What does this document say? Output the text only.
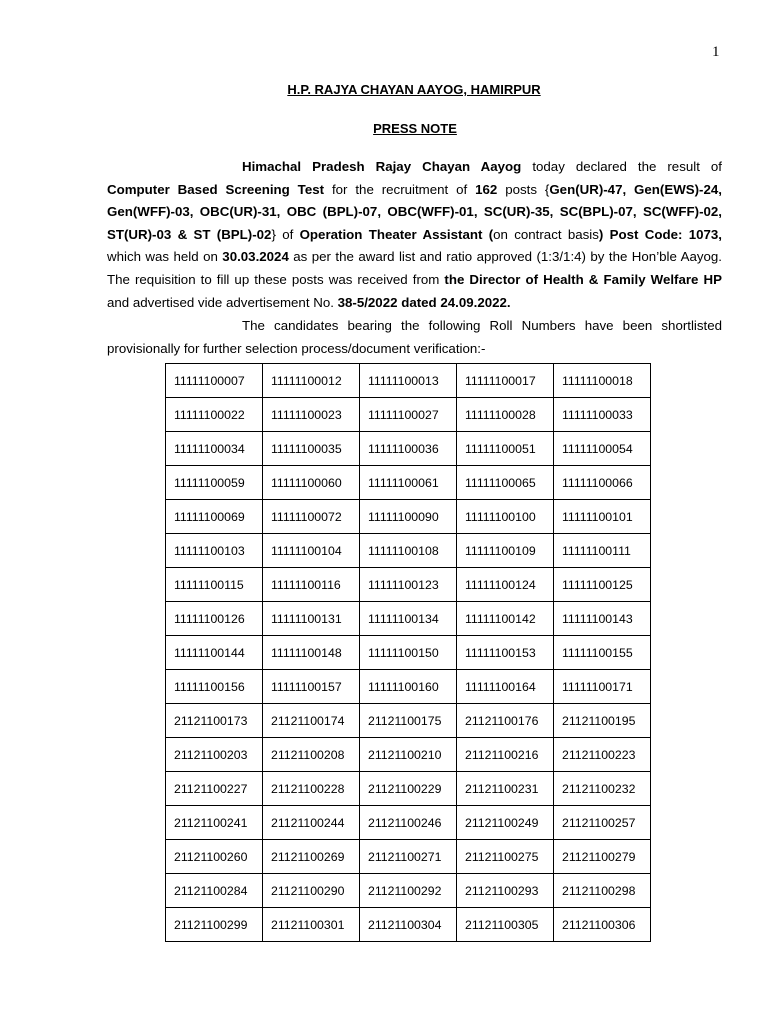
1
H.P. RAJYA CHAYAN AAYOG, HAMIRPUR
PRESS NOTE
Himachal Pradesh Rajay Chayan Aayog today declared the result of Computer Based Screening Test for the recruitment of 162 posts {Gen(UR)-47, Gen(EWS)-24, Gen(WFF)-03, OBC(UR)-31, OBC (BPL)-07, OBC(WFF)-01, SC(UR)-35, SC(BPL)-07, SC(WFF)-02, ST(UR)-03 & ST (BPL)-02} of Operation Theater Assistant (on contract basis) Post Code: 1073, which was held on 30.03.2024 as per the award list and ratio approved (1:3/1:4) by the Hon’ble Aayog. The requisition to fill up these posts was received from the Director of Health & Family Welfare HP and advertised vide advertisement No. 38-5/2022 dated 24.09.2022.
The candidates bearing the following Roll Numbers have been shortlisted provisionally for further selection process/document verification:-
11111100007	11111100012	11111100013	11111100017	11111100018
11111100022	11111100023	11111100027	11111100028	11111100033
11111100034	11111100035	11111100036	11111100051	11111100054
11111100059	11111100060	11111100061	11111100065	11111100066
11111100069	11111100072	11111100090	11111100100	11111100101
11111100103	11111100104	11111100108	11111100109	11111100111
11111100115	11111100116	11111100123	11111100124	11111100125
11111100126	11111100131	11111100134	11111100142	11111100143
11111100144	11111100148	11111100150	11111100153	11111100155
11111100156	11111100157	11111100160	11111100164	11111100171
21121100173	21121100174	21121100175	21121100176	21121100195
21121100203	21121100208	21121100210	21121100216	21121100223
21121100227	21121100228	21121100229	21121100231	21121100232
21121100241	21121100244	21121100246	21121100249	21121100257
21121100260	21121100269	21121100271	21121100275	21121100279
21121100284	21121100290	21121100292	21121100293	21121100298
21121100299	21121100301	21121100304	21121100305	21121100306
